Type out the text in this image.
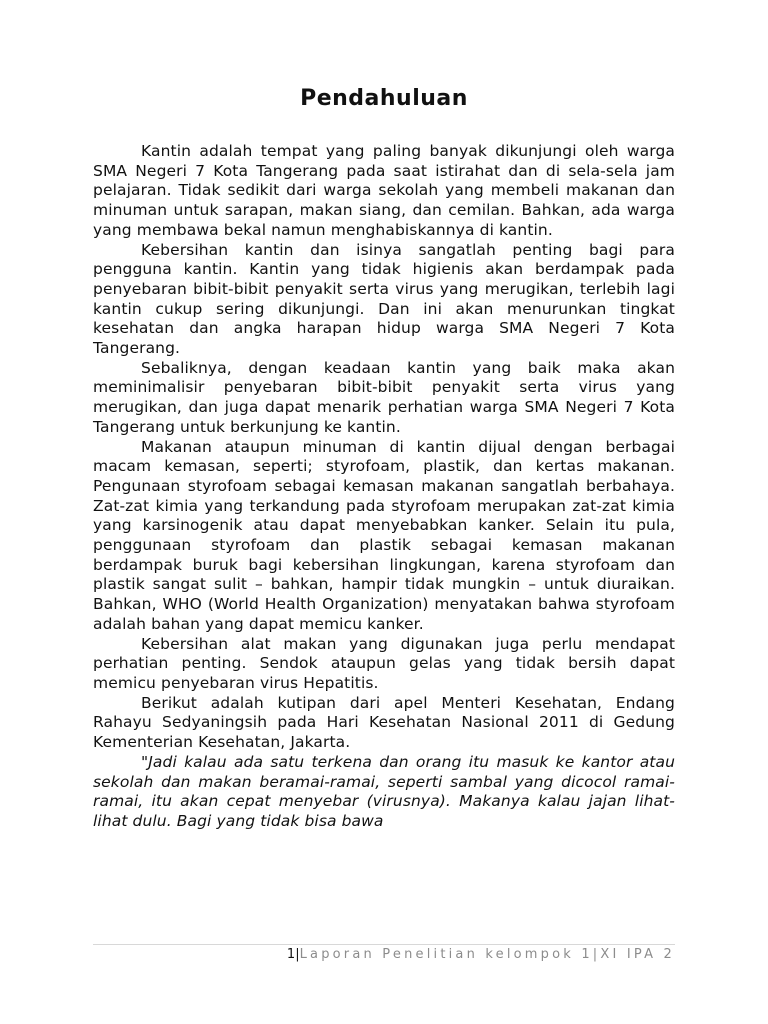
Pendahuluan

Kantin adalah tempat yang paling banyak dikunjungi oleh warga SMA Negeri 7 Kota Tangerang pada saat istirahat dan di sela-sela jam pelajaran. Tidak sedikit dari warga sekolah yang membeli makanan dan minuman untuk sarapan, makan siang, dan cemilan. Bahkan, ada warga yang membawa bekal namun menghabiskannya di kantin.

Kebersihan kantin dan isinya sangatlah penting bagi para pengguna kantin. Kantin yang tidak higienis akan berdampak pada penyebaran bibit-bibit penyakit serta virus yang merugikan, terlebih lagi kantin cukup sering dikunjungi. Dan ini akan menurunkan tingkat kesehatan dan angka harapan hidup warga SMA Negeri 7 Kota Tangerang.

Sebaliknya, dengan keadaan kantin yang baik maka akan meminimalisir penyebaran bibit-bibit penyakit serta virus yang merugikan, dan juga dapat menarik perhatian warga SMA Negeri 7 Kota Tangerang untuk berkunjung ke kantin.

Makanan ataupun minuman di kantin dijual dengan berbagai macam kemasan, seperti; styrofoam, plastik, dan kertas makanan. Pengunaan styrofoam sebagai kemasan makanan sangatlah berbahaya. Zat-zat kimia yang terkandung pada styrofoam merupakan zat-zat kimia yang karsinogenik atau dapat menyebabkan kanker. Selain itu pula, penggunaan styrofoam dan plastik sebagai kemasan makanan berdampak buruk bagi kebersihan lingkungan, karena styrofoam dan plastik sangat sulit – bahkan, hampir tidak mungkin – untuk diuraikan. Bahkan, WHO (World Health Organization) menyatakan bahwa styrofoam adalah bahan yang dapat memicu kanker.

Kebersihan alat makan yang digunakan juga perlu mendapat perhatian penting. Sendok ataupun gelas yang tidak bersih dapat memicu penyebaran virus Hepatitis.

Berikut adalah kutipan dari apel Menteri Kesehatan, Endang Rahayu Sedyaningsih pada Hari Kesehatan Nasional 2011 di Gedung Kementerian Kesehatan, Jakarta.

"Jadi kalau ada satu terkena dan orang itu masuk ke kantor atau sekolah dan makan beramai-ramai, seperti sambal yang dicocol ramai-ramai, itu akan cepat menyebar (virusnya). Makanya kalau jajan lihat-lihat dulu. Bagi yang tidak bisa bawa

1|Laporan Penelitian kelompok 1|XI IPA 2
